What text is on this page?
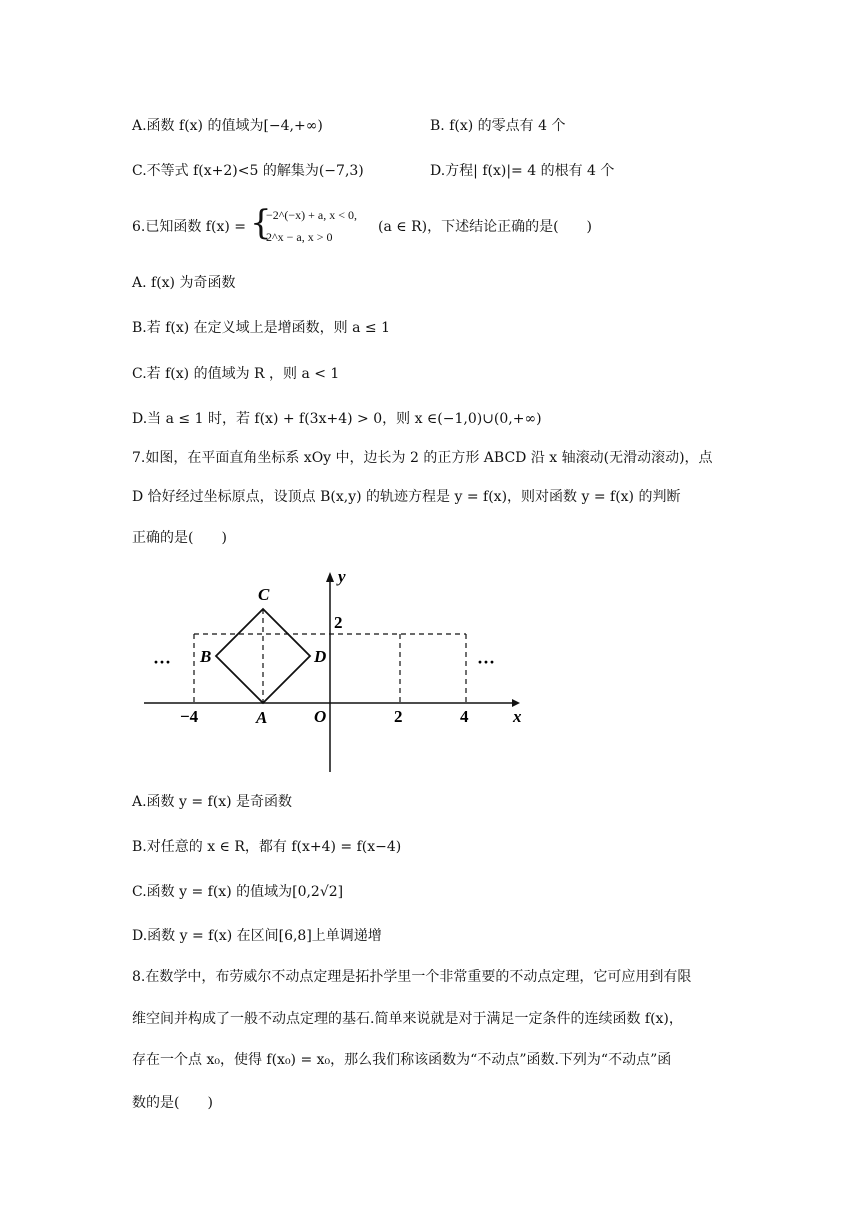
A.函数 f(x) 的值域为[−4,+∞)	B. f(x) 的零点有 4 个
C.不等式 f(x+2)<5 的解集为(−7,3)	D.方程| f(x)|= 4 的根有 4 个
6.已知函数 f(x) = {
−2^(−x) + a, x < 0,
2^x − a, x > 0
(a ∈ R)，下述结论正确的是(　　)
A. f(x) 为奇函数
B.若 f(x) 在定义域上是增函数，则 a ≤ 1
C.若 f(x) 的值域为 R ，则 a < 1
D.当 a ≤ 1 时，若 f(x) + f(3x+4) > 0，则 x ∈(−1,0)∪(0,+∞)
7.如图，在平面直角坐标系 xOy 中，边长为 2 的正方形 ABCD 沿 x 轴滚动(无滑动滚动)，点
D 恰好经过坐标原点，设顶点 B(x,y) 的轨迹方程是 y = f(x)，则对函数 y = f(x) 的判断
正确的是(　　)
C
B	D
A	O
y
x
2
−4	2	4
···	···
A.函数 y = f(x) 是奇函数
B.对任意的 x ∈ R，都有 f(x+4) = f(x−4)
C.函数 y = f(x) 的值域为[0,2√2]
D.函数 y = f(x) 在区间[6,8]上单调递增
8.在数学中，布劳威尔不动点定理是拓扑学里一个非常重要的不动点定理，它可应用到有限
维空间并构成了一般不动点定理的基石.简单来说就是对于满足一定条件的连续函数 f(x)，
存在一个点 x₀，使得 f(x₀) = x₀，那么我们称该函数为“不动点”函数.下列为“不动点”函
数的是(　　)
